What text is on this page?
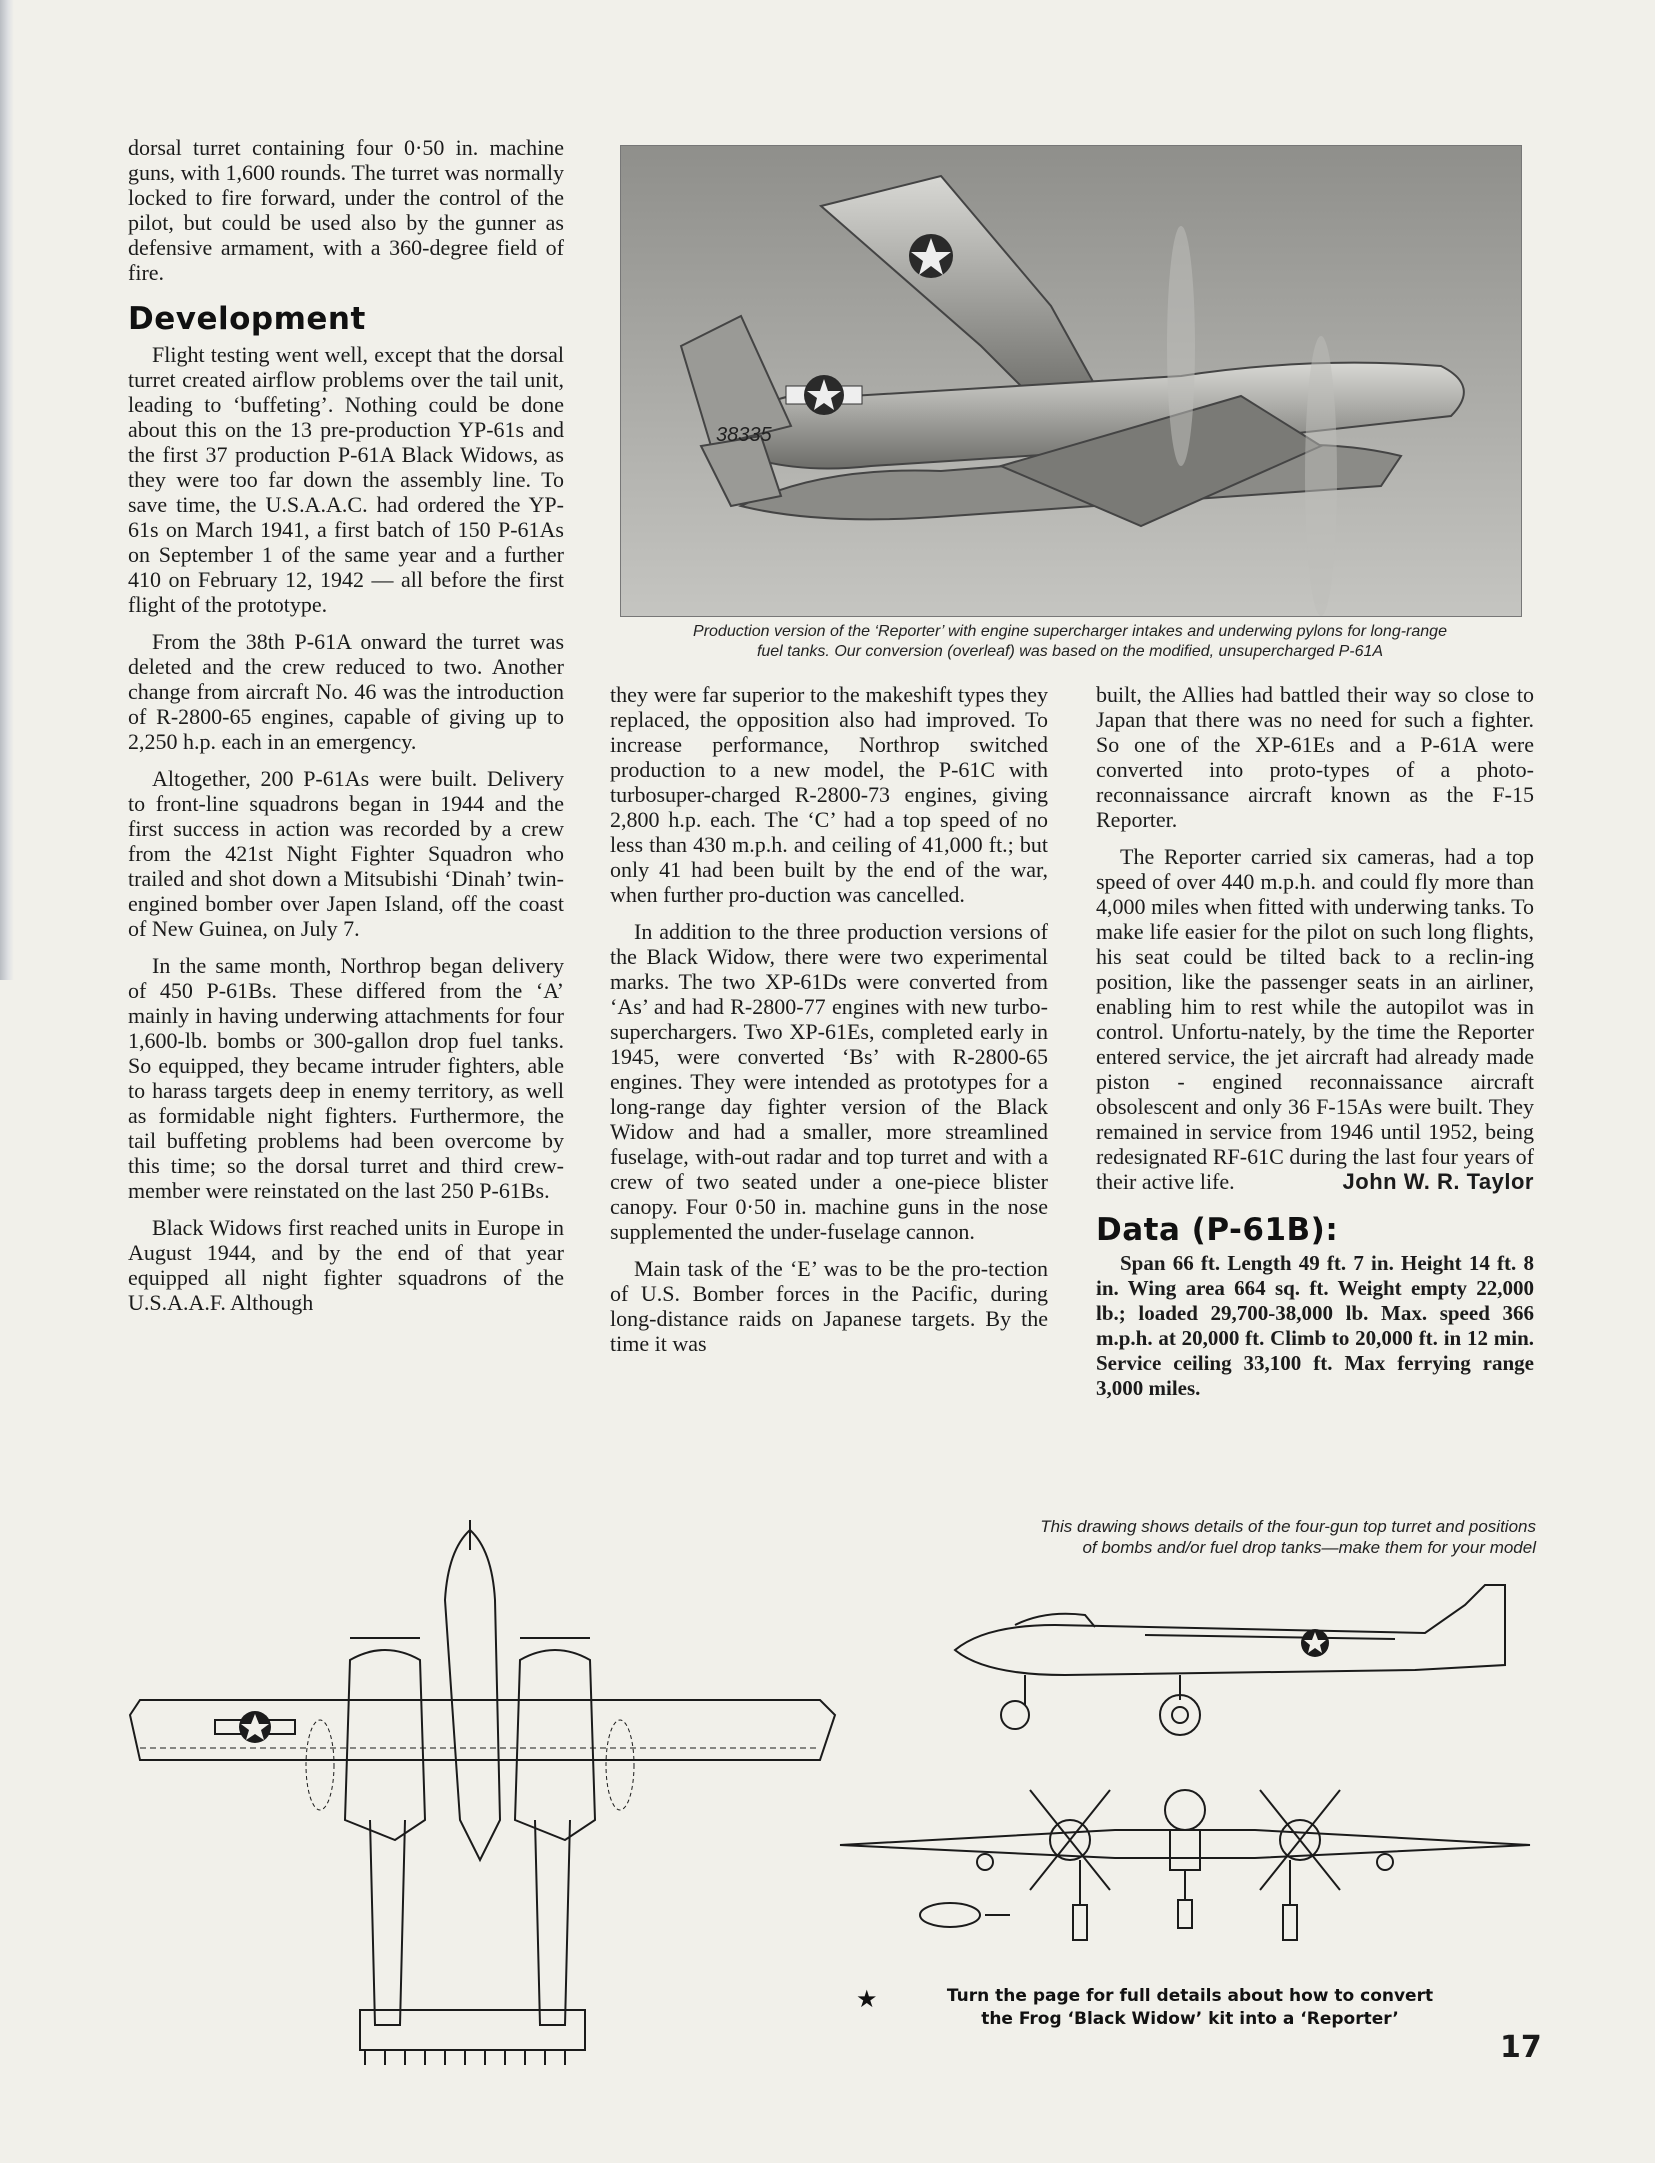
dorsal turret containing four 0·50 in. machine guns, with 1,600 rounds. The turret was normally locked to fire forward, under the control of the pilot, but could be used also by the gunner as defensive armament, with a 360-degree field of fire.

Development

Flight testing went well, except that the dorsal turret created airflow problems over the tail unit, leading to ‘buffeting’. Nothing could be done about this on the 13 pre-production YP-61s and the first 37 production P-61A Black Widows, as they were too far down the assembly line. To save time, the U.S.A.A.C. had ordered the YP-61s on March 1941, a first batch of 150 P-61As on September 1 of the same year and a further 410 on February 12, 1942 — all before the first flight of the prototype.

From the 38th P-61A onward the turret was deleted and the crew reduced to two. Another change from aircraft No. 46 was the introduction of R-2800-65 engines, capable of giving up to 2,250 h.p. each in an emergency.

Altogether, 200 P-61As were built. Delivery to front-line squadrons began in 1944 and the first success in action was recorded by a crew from the 421st Night Fighter Squadron who trailed and shot down a Mitsubishi ‘Dinah’ twin-engined bomber over Japen Island, off the coast of New Guinea, on July 7.

In the same month, Northrop began delivery of 450 P-61Bs. These differed from the ‘A’ mainly in having underwing attachments for four 1,600-lb. bombs or 300-gallon drop fuel tanks. So equipped, they became intruder fighters, able to harass targets deep in enemy territory, as well as formidable night fighters. Furthermore, the tail buffeting problems had been overcome by this time; so the dorsal turret and third crew-member were reinstated on the last 250 P-61Bs.

Black Widows first reached units in Europe in August 1944, and by the end of that year equipped all night fighter squadrons of the U.S.A.A.F. Although

38335
Production version of the ‘Reporter’ with engine supercharger intakes and underwing pylons for long-range
fuel tanks. Our conversion (overleaf) was based on the modified, unsupercharged P-61A

they were far superior to the makeshift types they replaced, the opposition also had improved. To increase performance, Northrop switched production to a new model, the P-61C with turbosuper-charged R-2800-73 engines, giving 2,800 h.p. each. The ‘C’ had a top speed of no less than 430 m.p.h. and ceiling of 41,000 ft.; but only 41 had been built by the end of the war, when further pro-duction was cancelled.

In addition to the three production versions of the Black Widow, there were two experimental marks. The two XP-61Ds were converted from ‘As’ and had R-2800-77 engines with new turbo-superchargers. Two XP-61Es, completed early in 1945, were converted ‘Bs’ with R-2800-65 engines. They were intended as prototypes for a long-range day fighter version of the Black Widow and had a smaller, more streamlined fuselage, with-out radar and top turret and with a crew of two seated under a one-piece blister canopy. Four 0·50 in. machine guns in the nose supplemented the under-fuselage cannon.

Main task of the ‘E’ was to be the pro-tection of U.S. Bomber forces in the Pacific, during long-distance raids on Japanese targets. By the time it was

built, the Allies had battled their way so close to Japan that there was no need for such a fighter. So one of the XP-61Es and a P-61A were converted into proto-types of a photo-reconnaissance aircraft known as the F-15 Reporter.

The Reporter carried six cameras, had a top speed of over 440 m.p.h. and could fly more than 4,000 miles when fitted with underwing tanks. To make life easier for the pilot on such long flights, his seat could be tilted back to a reclin-ing position, like the passenger seats in an airliner, enabling him to rest while the autopilot was in control. Unfortu-nately, by the time the Reporter entered service, the jet aircraft had already made piston - engined reconnaissance aircraft obsolescent and only 36 F-15As were built. They remained in service from 1946 until 1952, being redesignated RF-61C during the last four years of their active life.	John W. R. Taylor
Data (P-61B):

Span 66 ft. Length 49 ft. 7 in. Height 14 ft. 8 in. Wing area 664 sq. ft. Weight empty 22,000 lb.; loaded 29,700-38,000 lb. Max. speed 366 m.p.h. at 20,000 ft. Climb to 20,000 ft. in 12 min. Service ceiling 33,100 ft. Max ferrying range 3,000 miles.

This drawing shows details of the four-gun top turret and positions
of bombs and/or fuel drop tanks—make them for your model
★	Turn the page for full details about how to convert
the Frog ‘Black Widow’ kit into a ‘Reporter’
17
